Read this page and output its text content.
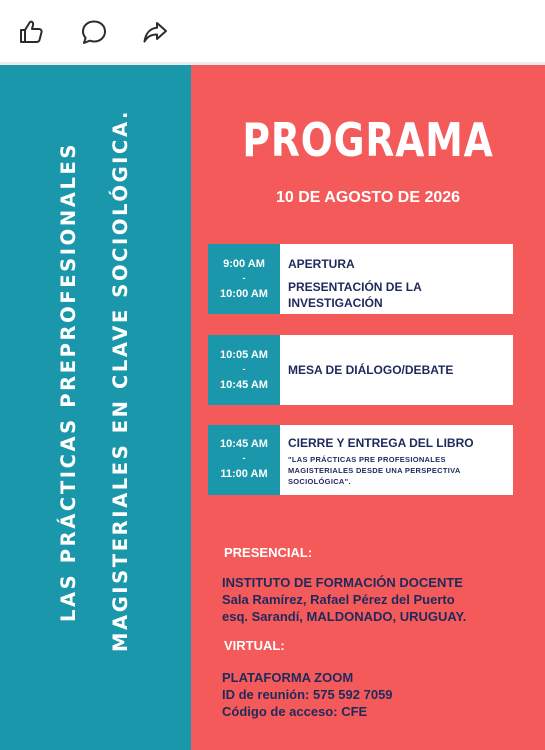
LAS PRÁCTICAS PREPROFESIONALES	MAGISTERIALES EN CLAVE SOCIOLÓGICA.	PROGRAMA
10 DE AGOSTO DE 2026
9:00 AM
-
10:00 AM
APERTURA
PRESENTACIÓN DE LA INVESTIGACIÓN
10:05 AM
-
10:45 AM
MESA DE DIÁLOGO/DEBATE
10:45 AM
-
11:00 AM
CIERRE Y ENTREGA DEL LIBRO
"LAS PRÁCTICAS PRE PROFESIONALES MAGISTERIALES DESDE UNA PERSPECTIVA SOCIOLÓGICA".
PRESENCIAL:
INSTITUTO DE FORMACIÓN DOCENTE
Sala Ramírez, Rafael Pérez del Puerto
esq. Sarandí, MALDONADO, URUGUAY.
VIRTUAL:
PLATAFORMA ZOOM
ID de reunión: 575 592 7059
Código de acceso: CFE
